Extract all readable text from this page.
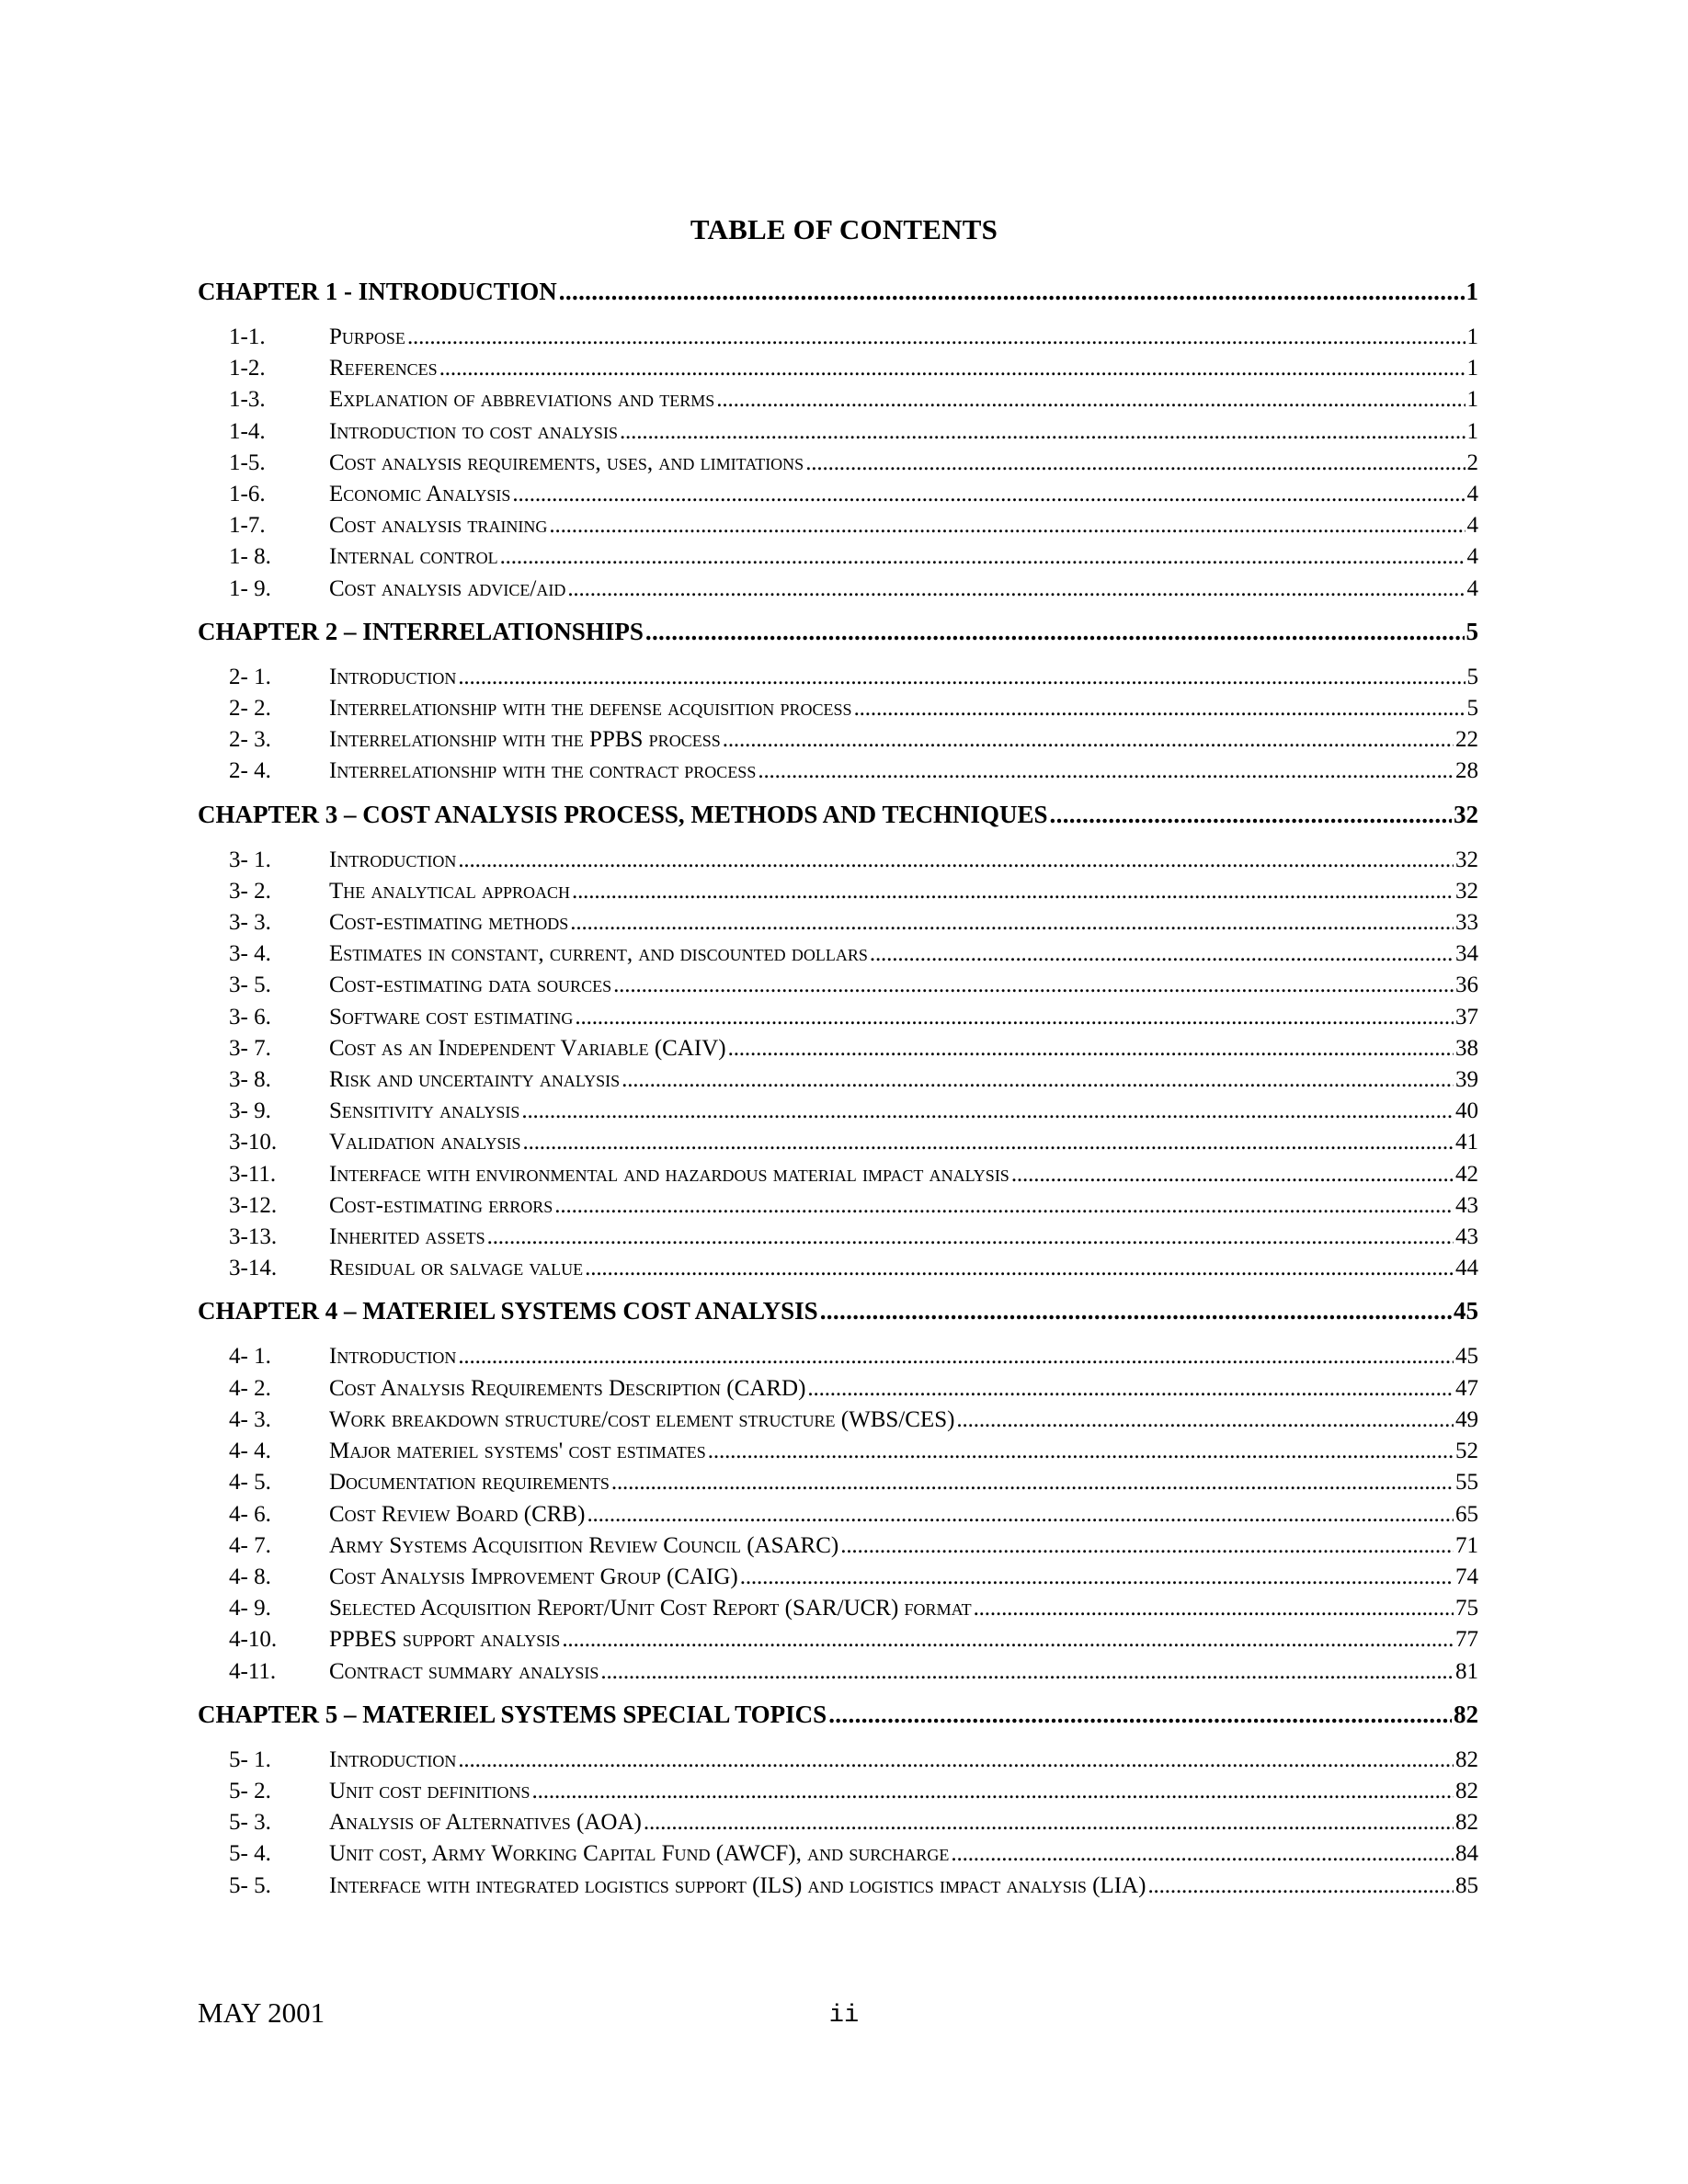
TABLE OF CONTENTS
CHAPTER 1 - INTRODUCTION . . .	1
1-1.	Purpose . . .	1
1-2.	References . . .	1
1-3.	Explanation of abbreviations and terms . . .	1
1-4.	Introduction to cost analysis . . .	1
1-5.	Cost analysis requirements, uses, and limitations . . .	2
1-6.	Economic Analysis . . .	4
1-7.	Cost analysis training . . .	4
1- 8.	Internal control . . .	4
1- 9.	Cost analysis advice/aid . . .	4
CHAPTER 2 – INTERRELATIONSHIPS . . .	5
2- 1.	Introduction . . .	5
2- 2.	Interrelationship with the defense acquisition process . . .	5
2- 3.	Interrelationship with the PPBS process . . .	22
2- 4.	Interrelationship with the contract process . . .	28
CHAPTER 3 – COST ANALYSIS PROCESS, METHODS AND TECHNIQUES . . .	32
3- 1.	Introduction . . .	32
3- 2.	The analytical approach . . .	32
3- 3.	Cost-estimating methods . . .	33
3- 4.	Estimates in constant, current, and discounted dollars . . .	34
3- 5.	Cost-estimating data sources . . .	36
3- 6.	Software cost estimating . . .	37
3- 7.	Cost as an Independent Variable (CAIV) . . .	38
3- 8.	Risk and uncertainty analysis . . .	39
3- 9.	Sensitivity analysis . . .	40
3-10.	Validation analysis . . .	41
3-11.	Interface with environmental and hazardous material impact analysis . . .	42
3-12.	Cost-estimating errors . . .	43
3-13.	Inherited assets . . .	43
3-14.	Residual or salvage value . . .	44
CHAPTER 4 – MATERIEL SYSTEMS COST ANALYSIS . . .	45
4- 1.	Introduction . . .	45
4- 2.	Cost Analysis Requirements Description (CARD) . . .	47
4- 3.	Work breakdown structure/cost element structure (WBS/CES) . . .	49
4- 4.	Major materiel systems' cost estimates . . .	52
4- 5.	Documentation requirements . . .	55
4- 6.	Cost Review Board (CRB) . . .	65
4- 7.	Army Systems Acquisition Review Council (ASARC) . . .	71
4- 8.	Cost Analysis Improvement Group (CAIG) . . .	74
4- 9.	Selected Acquisition Report/Unit Cost Report (SAR/UCR) format . . .	75
4-10.	PPBES support analysis . . .	77
4-11.	Contract summary analysis . . .	81
CHAPTER 5 – MATERIEL SYSTEMS SPECIAL TOPICS . . .	82
5- 1.	Introduction . . .	82
5- 2.	Unit cost definitions . . .	82
5- 3.	Analysis of Alternatives (AOA) . . .	82
5- 4.	Unit cost, Army Working Capital Fund (AWCF), and surcharge . . .	84
5- 5.	Interface with integrated logistics support (ILS) and logistics impact analysis (LIA) . . .	85
MAY 2001	ii
